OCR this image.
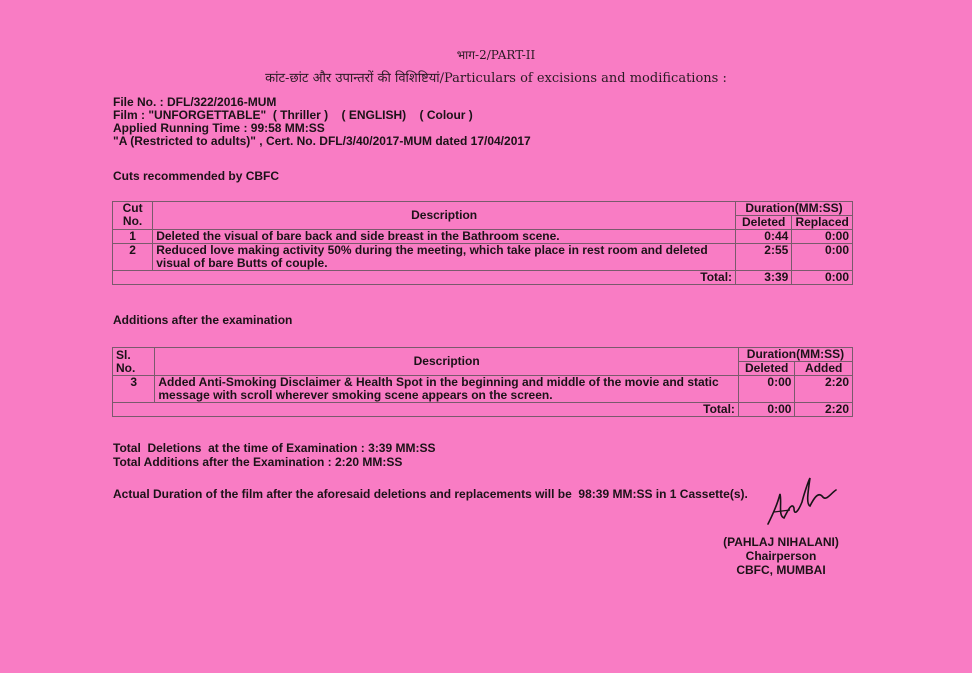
भाग-2/PART-II
कांट-छांट और उपान्तरों की विशिष्टियां/Particulars of excisions and modifications :
File No. : DFL/322/2016-MUM
Film : "UNFORGETTABLE"  ( Thriller )    ( ENGLISH)    ( Colour )
Applied Running Time : 99:58 MM:SS
"A (Restricted to adults)" , Cert. No. DFL/3/40/2017-MUM dated 17/04/2017
Cuts recommended by CBFC
Cut No.	Description	Duration(MM:SS)	
		Deleted	Replaced
1	Deleted the visual of bare back and side breast in the Bathroom scene.	0:44	0:00
2	Reduced love making activity 50% during the meeting, which take place in rest room and deleted visual of bare Butts of couple.	2:55	0:00
Total:		3:39	0:00
Additions after the examination
Sl. No.	Description	Duration(MM:SS)	
		Deleted	Added
3	Added Anti-Smoking Disclaimer & Health Spot in the beginning and middle of the movie and static message with scroll wherever smoking scene appears on the screen.	0:00	2:20
Total:		0:00	2:20
Total  Deletions  at the time of Examination : 3:39 MM:SS
Total Additions after the Examination : 2:20 MM:SS
Actual Duration of the film after the aforesaid deletions and replacements will be  98:39 MM:SS in 1 Cassette(s).
(PAHLAJ NIHALANI)
Chairperson
CBFC, MUMBAI
